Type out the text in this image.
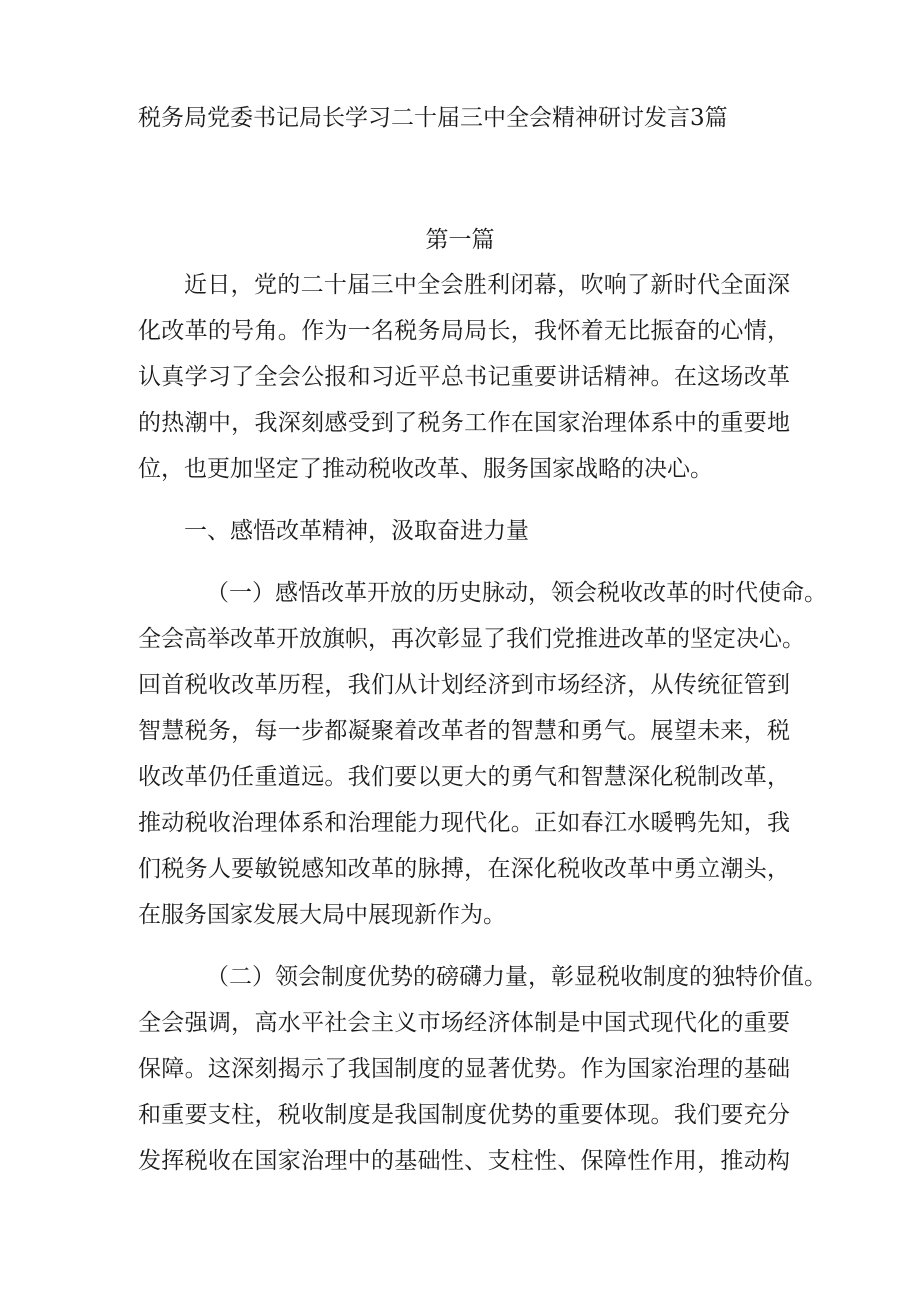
税务局党委书记局长学习二十届三中全会精神研讨发言3篇
第一篇
近日，党的二十届三中全会胜利闭幕，吹响了新时代全面深
化改革的号角。作为一名税务局局长，我怀着无比振奋的心情，
认真学习了全会公报和习近平总书记重要讲话精神。在这场改革
的热潮中，我深刻感受到了税务工作在国家治理体系中的重要地
位，也更加坚定了推动税收改革、服务国家战略的决心。
一、感悟改革精神，汲取奋进力量
（一）感悟改革开放的历史脉动，领会税收改革的时代使命。
全会高举改革开放旗帜，再次彰显了我们党推进改革的坚定决心。
回首税收改革历程，我们从计划经济到市场经济，从传统征管到
智慧税务，每一步都凝聚着改革者的智慧和勇气。展望未来，税
收改革仍任重道远。我们要以更大的勇气和智慧深化税制改革，
推动税收治理体系和治理能力现代化。正如春江水暖鸭先知，我
们税务人要敏锐感知改革的脉搏，在深化税收改革中勇立潮头，
在服务国家发展大局中展现新作为。
（二）领会制度优势的磅礴力量，彰显税收制度的独特价值。
全会强调，高水平社会主义市场经济体制是中国式现代化的重要
保障。这深刻揭示了我国制度的显著优势。作为国家治理的基础
和重要支柱，税收制度是我国制度优势的重要体现。我们要充分
发挥税收在国家治理中的基础性、支柱性、保障性作用，推动构
